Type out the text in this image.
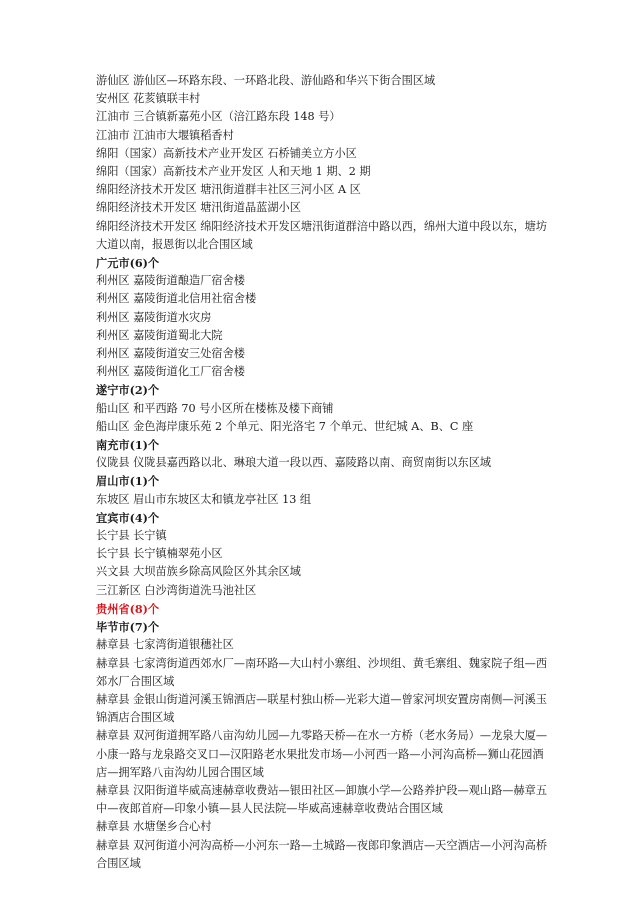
游仙区 游仙区—环路东段、一环路北段、游仙路和华兴下街合围区域
安州区 花荄镇联丰村
江油市 三合镇新嘉苑小区（涪江路东段 148 号）
江油市 江油市大堰镇稻香村
绵阳（国家）高新技术产业开发区 石桥铺美立方小区
绵阳（国家）高新技术产业开发区 人和天地 1 期、2 期
绵阳经济技术开发区 塘汛街道群丰社区三河小区 A 区
绵阳经济技术开发区 塘汛街道晶蓝湖小区
绵阳经济技术开发区 绵阳经济技术开发区塘汛街道群涪中路以西，绵州大道中段以东，塘坊大道以南，报恩街以北合围区域
广元市(6)个
利州区 嘉陵街道酿造厂宿舍楼
利州区 嘉陵街道北信用社宿舍楼
利州区 嘉陵街道水灾房
利州区 嘉陵街道蜀北大院
利州区 嘉陵街道安三处宿舍楼
利州区 嘉陵街道化工厂宿舍楼
遂宁市(2)个
船山区 和平西路 70 号小区所在楼栋及楼下商铺
船山区 金色海岸康乐苑 2 个单元、阳光洛宅 7 个单元、世纪城 A、B、C 座
南充市(1)个
仪陇县 仪陇县嘉西路以北、琳琅大道一段以西、嘉陵路以南、商贸南街以东区域
眉山市(1)个
东坡区 眉山市东坡区太和镇龙亭社区 13 组
宜宾市(4)个
长宁县 长宁镇
长宁县 长宁镇楠翠苑小区
兴文县 大坝苗族乡除高风险区外其余区域
三江新区 白沙湾街道洗马池社区
贵州省(8)个
毕节市(7)个
赫章县 七家湾街道银穗社区
赫章县 七家湾街道西郊水厂—南环路—大山村小寨组、沙坝组、黄毛寨组、魏家院子组—西郊水厂合围区域
赫章县 金银山街道河溪玉锦酒店—联星村独山桥—光彩大道—曾家河坝安置房南侧—河溪玉锦酒店合围区域
赫章县 双河街道拥军路八亩沟幼儿园—九零路天桥—在水一方桥（老水务局）—龙泉大厦—小康一路与龙泉路交叉口—汉阳路老水果批发市场—小河西一路—小河沟高桥—狮山花园酒店—拥军路八亩沟幼儿园合围区域
赫章县 汉阳街道毕威高速赫章收费站—银田社区—卸旗小学—公路养护段—观山路—赫章五中—夜郎首府—印象小镇—县人民法院—毕威高速赫章收费站合围区域
赫章县 水塘堡乡合心村
赫章县 双河街道小河沟高桥—小河东一路—土城路—夜郎印象酒店—天空酒店—小河沟高桥合围区域
